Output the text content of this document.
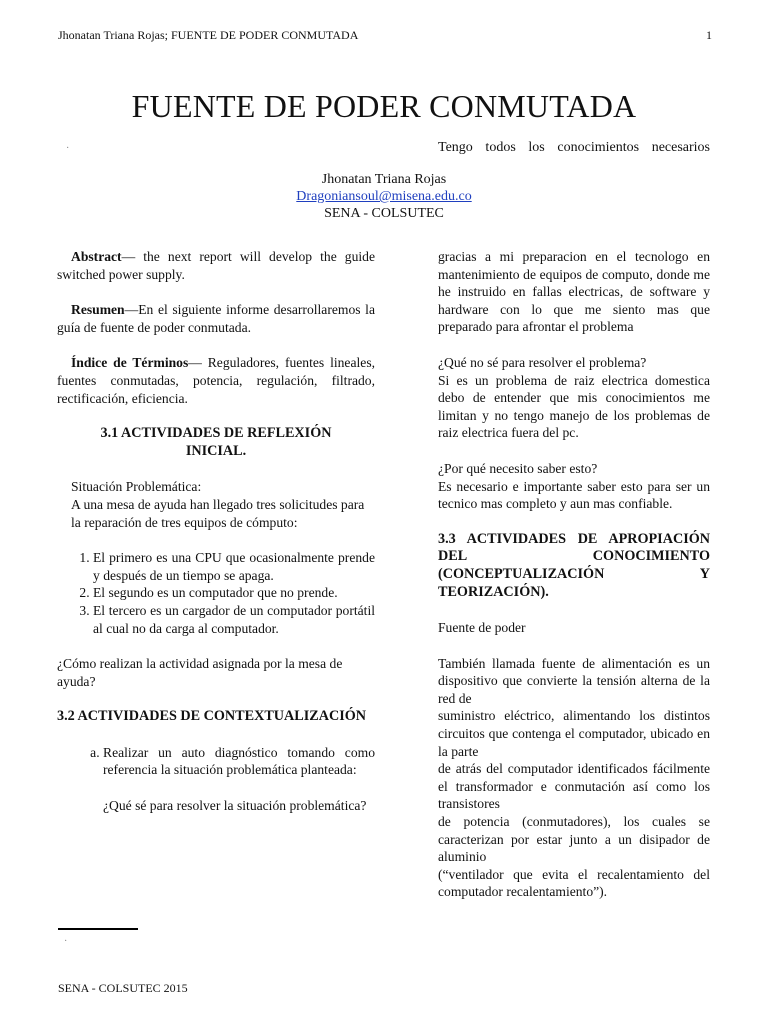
Jhonatan Triana Rojas; FUENTE DE PODER CONMUTADA	1
FUENTE DE PODER CONMUTADA
·	Tengo todos los conocimientos necesarios
Jhonatan Triana Rojas
Dragoniansoul@misena.edu.co
SENA - COLSUTEC

Abstract— the next report will develop the guide switched power supply.

Resumen—En el siguiente informe desarrollaremos la guía de fuente de poder conmutada.

Índice de Términos— Reguladores, fuentes lineales, fuentes conmutadas, potencia, regulación, filtrado, rectificación, eficiencia.

3.1 ACTIVIDADES DE REFLEXIÓN INICIAL.

Situación Problemática:

A una mesa de ayuda han llegado tres solicitudes para la reparación de tres equipos de cómputo:

1. El primero es una CPU que ocasionalmente prende y después de un tiempo se apaga.
2. El segundo es un computador que no prende.
3. El tercero es un cargador de un computador portátil al cual no da carga al computador.

¿Cómo realizan la actividad asignada por la mesa de ayuda?

3.2 ACTIVIDADES DE CONTEXTUALIZACIÓN

a. Realizar un auto diagnóstico tomando como referencia la situación problemática planteada:
¿Qué sé para resolver la situación problemática?

gracias a mi preparacion en el tecnologo en mantenimiento de equipos de computo, donde me he instruido en fallas electricas, de software y hardware con lo que me siento mas que preparado para afrontar el problema

¿Qué no sé para resolver el problema?

Si es un problema de raiz electrica domestica debo de entender que mis conocimientos me limitan y no tengo manejo de los problemas de raiz electrica fuera del pc.

¿Por qué necesito saber esto?

Es necesario e importante saber esto para ser un tecnico mas completo y aun mas confiable.

3.3 ACTIVIDADES DE APROPIACIÓN DEL CONOCIMIENTO (CONCEPTUALIZACIÓN Y TEORIZACIÓN).

Fuente de poder

También llamada fuente de alimentación es un dispositivo que convierte la tensión alterna de la red de

suministro eléctrico, alimentando los distintos circuitos que contenga el computador, ubicado en la parte

de atrás del computador identificados fácilmente el transformador e conmutación así como los transistores

de potencia (conmutadores), los cuales se caracterizan por estar junto a un disipador de aluminio

(“ventilador que evita el recalentamiento del computador recalentamiento”).

·
SENA - COLSUTEC 2015
